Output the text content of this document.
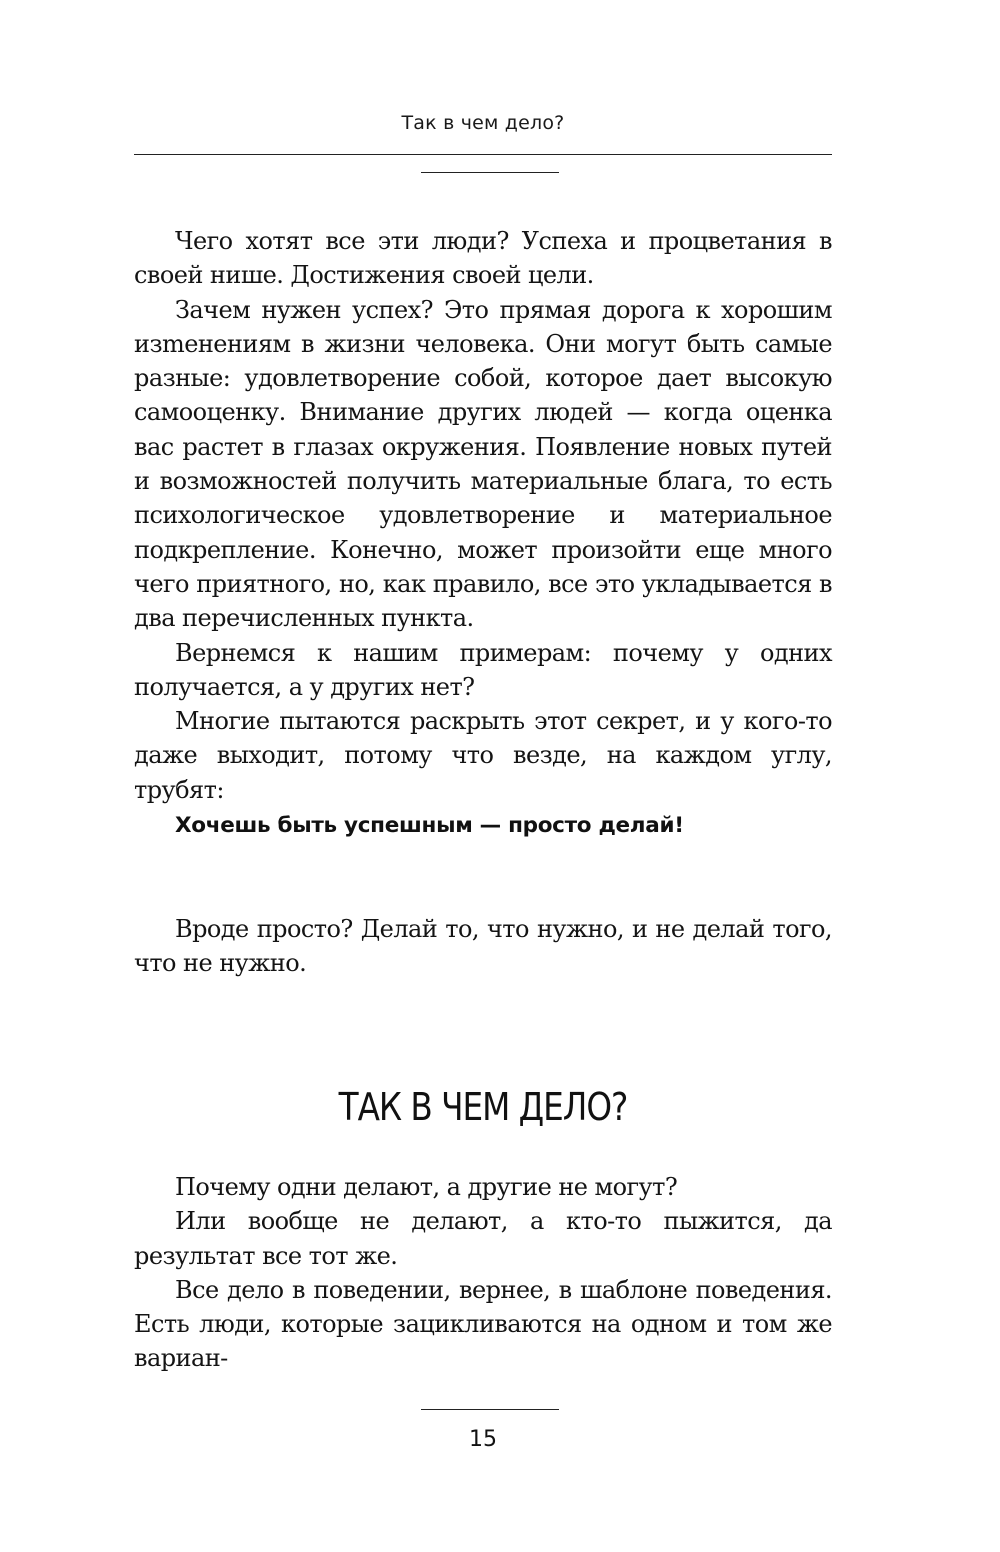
Так в чем дело?

Чего хотят все эти люди? Успеха и процветания в своей нише. Достижения своей цели.

Зачем нужен успех? Это прямая дорога к хорошим изmенениям в жизни человека. Они могут быть самые разные: удовлетворение собой, которое дает высокую самооценку. Внимание других людей — когда оценка вас растет в глазах окружения. Появление новых путей и возможностей получить материальные блага, то есть психологическое удовлетворение и материальное подкрепление. Конечно, может произойти еще много чего приятного, но, как правило, все это укладывается в два перечисленных пункта.

Вернемся к нашим примерам: почему у одних получается, а у других нет?

Многие пытаются раскрыть этот секрет, и у кого-то даже выходит, потому что везде, на каждом углу, трубят:

Хочешь быть успешным — просто делай!

Вроде просто? Делай то, что нужно, и не делай того, что не нужно.

ТАК В ЧЕМ ДЕЛО?

Почему одни делают, а другие не могут?

Или вообще не делают, а кто-то пыжится, да результат все тот же.

Все дело в поведении, вернее, в шаблоне поведения. Есть люди, которые зацикливаются на одном и том же вариан-

15
